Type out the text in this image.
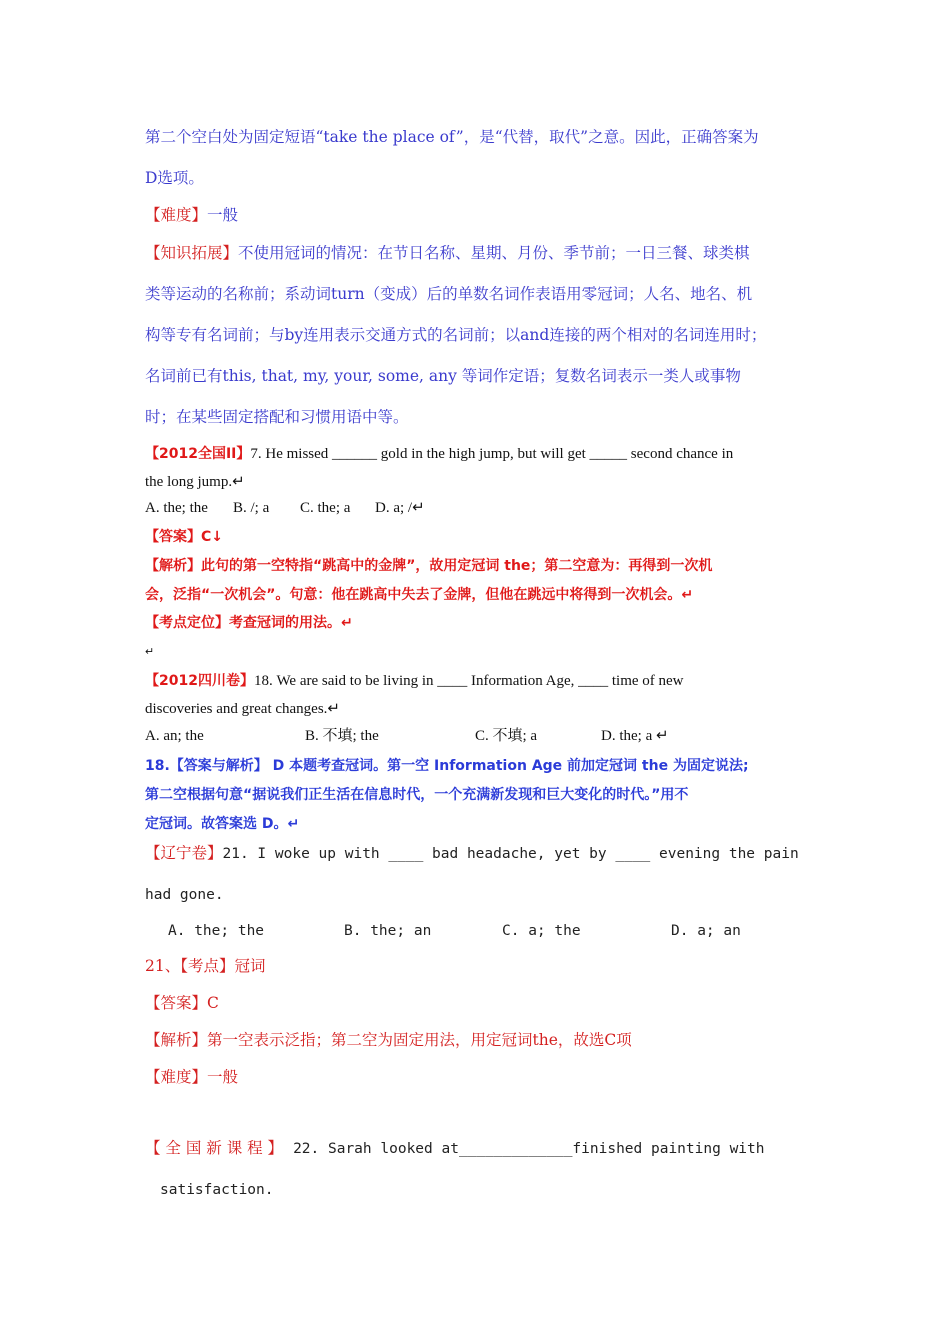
第二个空白处为固定短语“take the place of”，是“代替，取代”之意。因此，正确答案为
D选项。
【难度】一般
【知识拓展】不使用冠词的情况：在节日名称、星期、月份、季节前；一日三餐、球类棋
类等运动的名称前；系动词turn（变成）后的单数名词作表语用零冠词；人名、地名、机
构等专有名词前；与by连用表示交通方式的名词前；以and连接的两个相对的名词连用时；
名词前已有this, that, my, your, some, any 等词作定语；复数名词表示一类人或事物
时；在某些固定搭配和习惯用语中等。
【2012全国II】7. He missed ______ gold in the high jump, but will get _____ second chance in
the long jump.↵
A. the; the B. /; a C. the; a D. a; /↵
【答案】C↓
【解析】此句的第一空特指“跳高中的金牌”，故用定冠词 the；第二空意为：再得到一次机
会，泛指“一次机会”。句意：他在跳高中失去了金牌，但他在跳远中将得到一次机会。↵
【考点定位】考查冠词的用法。↵
↵
【2012四川卷】18. We are said to be living in ____ Information Age, ____ time of new
discoveries and great changes.↵
A. an; the	B. 不填; the	C. 不填; a	D. the; a ↵
18.【答案与解析】 D 本题考查冠词。第一空 Information Age 前加定冠词 the 为固定说法;
第二空根据句意“据说我们正生活在信息时代，一个充满新发现和巨大变化的时代。”用不
定冠词。故答案选 D。↵
【辽宁卷】21. I woke up with ____ bad headache, yet by ____ evening the pain
had gone.
A. the; the	B. the; an	C. a; the	D. a; an
21、【考点】冠词
【答案】C
【解析】第一空表示泛指；第二空为固定用法，用定冠词the，故选C项
【难度】一般
【 全 国 新 课 程 】 22. Sarah looked at_____________finished painting with
satisfaction.
